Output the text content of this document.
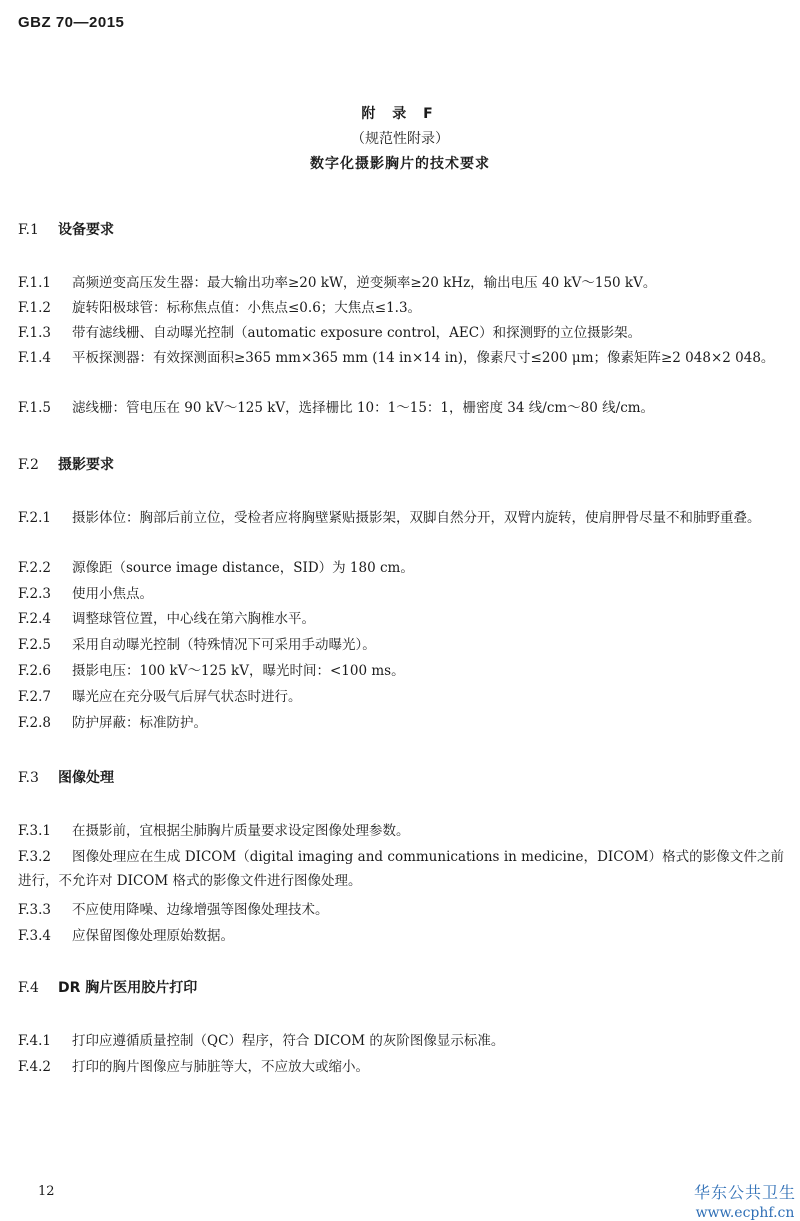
GBZ 70—2015
附 录 F
（规范性附录）
数字化摄影胸片的技术要求
F.1 设备要求
F.1.1 高频逆变高压发生器：最大输出功率≥20 kW，逆变频率≥20 kHz，输出电压 40 kV～150 kV。
F.1.2 旋转阳极球管：标称焦点值：小焦点≤0.6；大焦点≤1.3。
F.1.3 带有滤线栅、自动曝光控制（automatic exposure control，AEC）和探测野的立位摄影架。
F.1.4 平板探测器：有效探测面积≥365 mm×365 mm (14 in×14 in)，像素尺寸≤200 μm；像素矩阵≥2 048×2 048。
F.1.5 滤线栅：管电压在 90 kV～125 kV，选择栅比 10：1～15：1，栅密度 34 线/cm～80 线/cm。
F.2 摄影要求
F.2.1 摄影体位：胸部后前立位，受检者应将胸壁紧贴摄影架，双脚自然分开，双臂内旋转，使肩胛骨尽量不和肺野重叠。
F.2.2 源像距（source image distance，SID）为 180 cm。
F.2.3 使用小焦点。
F.2.4 调整球管位置，中心线在第六胸椎水平。
F.2.5 采用自动曝光控制（特殊情况下可采用手动曝光）。
F.2.6 摄影电压：100 kV～125 kV，曝光时间：<100 ms。
F.2.7 曝光应在充分吸气后屏气状态时进行。
F.2.8 防护屏蔽：标准防护。
F.3 图像处理
F.3.1 在摄影前，宜根据尘肺胸片质量要求设定图像处理参数。
F.3.2 图像处理应在生成 DICOM（digital imaging and communications in medicine，DICOM）格式的影像文件之前进行，不允许对 DICOM 格式的影像文件进行图像处理。
F.3.3 不应使用降噪、边缘增强等图像处理技术。
F.3.4 应保留图像处理原始数据。
F.4 DR 胸片医用胶片打印
F.4.1 打印应遵循质量控制（QC）程序，符合 DICOM 的灰阶图像显示标准。
F.4.2 打印的胸片图像应与肺脏等大，不应放大或缩小。
12	华东公共卫生
www.ecphf.cn
